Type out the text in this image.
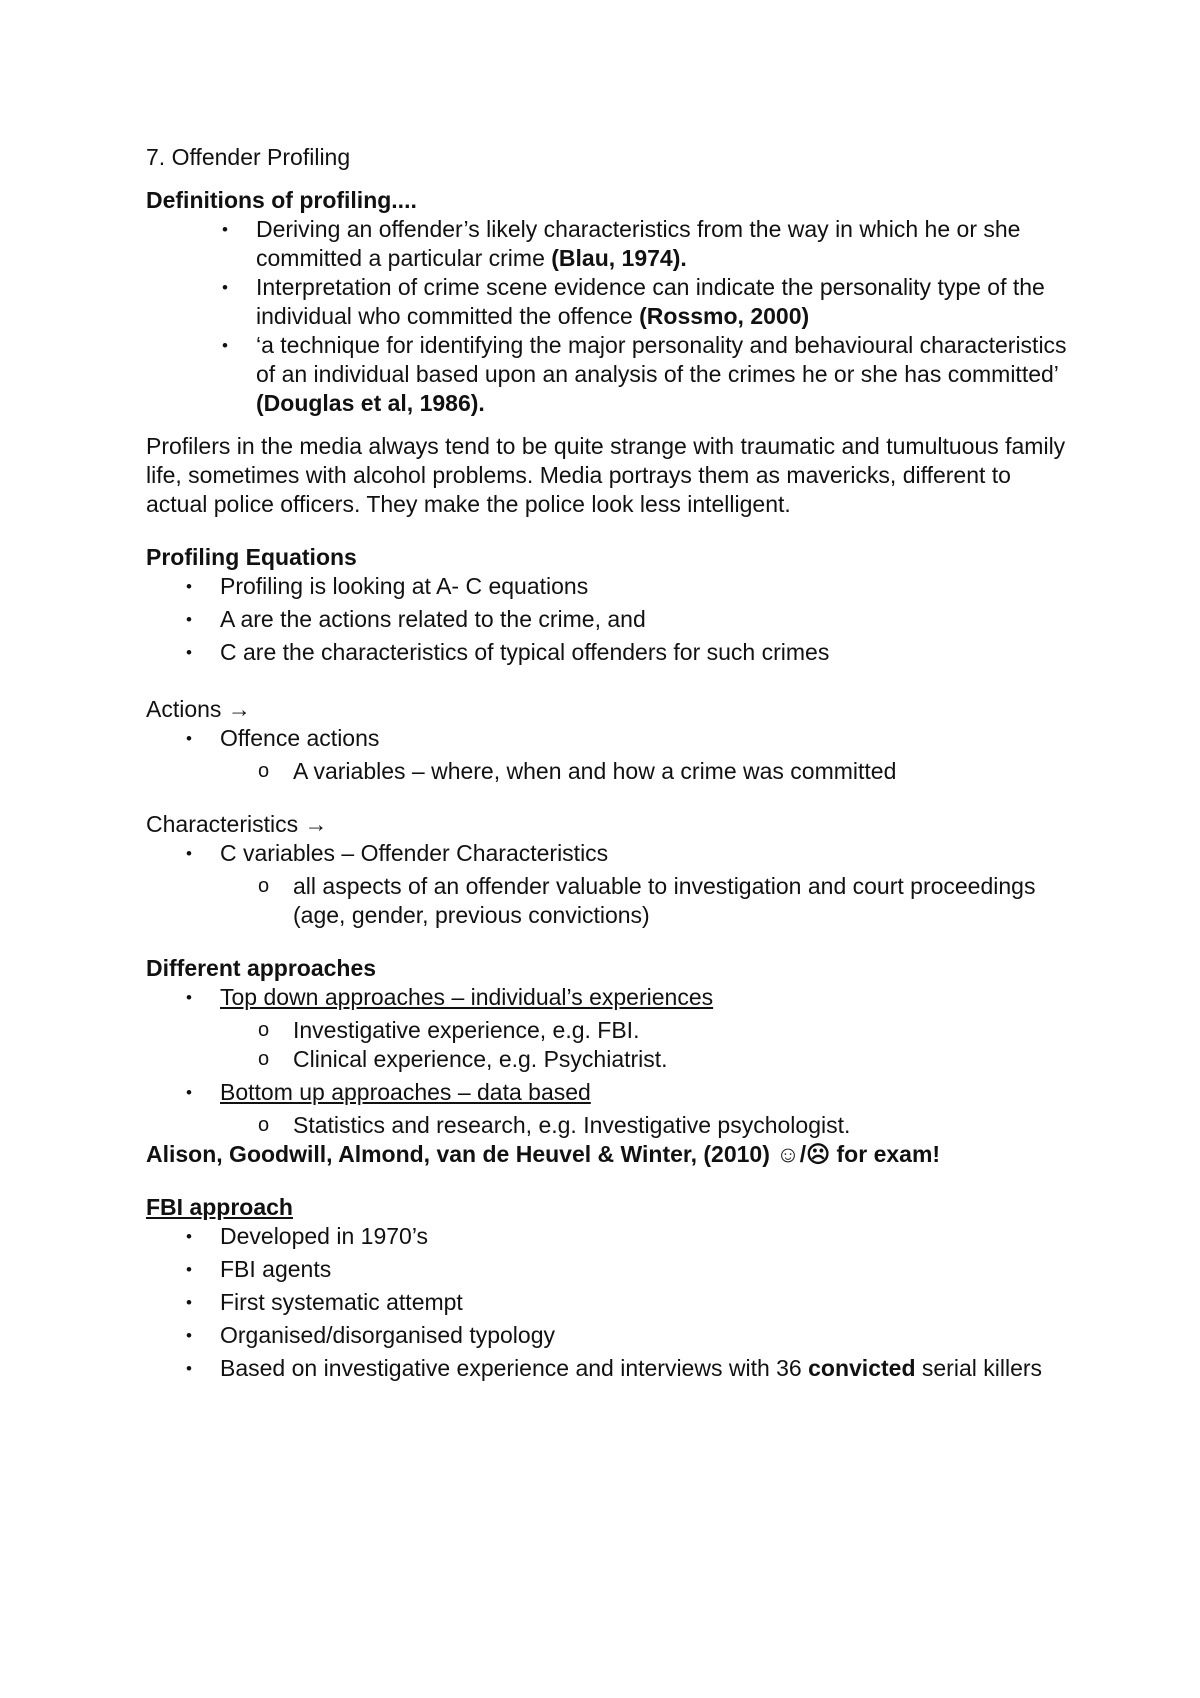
7. Offender Profiling

Definitions of profiling....

• Deriving an offender’s likely characteristics from the way in which he or she committed a particular crime (Blau, 1974).
• Interpretation of crime scene evidence can indicate the personality type of the individual who committed the offence (Rossmo, 2000)
• ‘a technique for identifying the major personality and behavioural characteristics of an individual based upon an analysis of the crimes he or she has committed’ (Douglas et al, 1986).

Profilers in the media always tend to be quite strange with traumatic and tumultuous family life, sometimes with alcohol problems. Media portrays them as mavericks, different to actual police officers. They make the police look less intelligent.

Profiling Equations

• Profiling is looking at A- C equations
• A are the actions related to the crime, and
• C are the characteristics of typical offenders for such crimes

Actions →

• Offence actions
o A variables – where, when and how a crime was committed

Characteristics →

• C variables – Offender Characteristics
o all aspects of an offender valuable to investigation and court proceedings (age, gender, previous convictions)

Different approaches

• Top down approaches – individual’s experiences
o Investigative experience, e.g. FBI.
o Clinical experience, e.g. Psychiatrist.
• Bottom up approaches – data based
o Statistics and research, e.g. Investigative psychologist.

Alison, Goodwill, Almond, van de Heuvel & Winter, (2010) ☺/☹ for exam!

FBI approach

• Developed in 1970’s
• FBI agents
• First systematic attempt
• Organised/disorganised typology
• Based on investigative experience and interviews with 36 convicted serial killers
